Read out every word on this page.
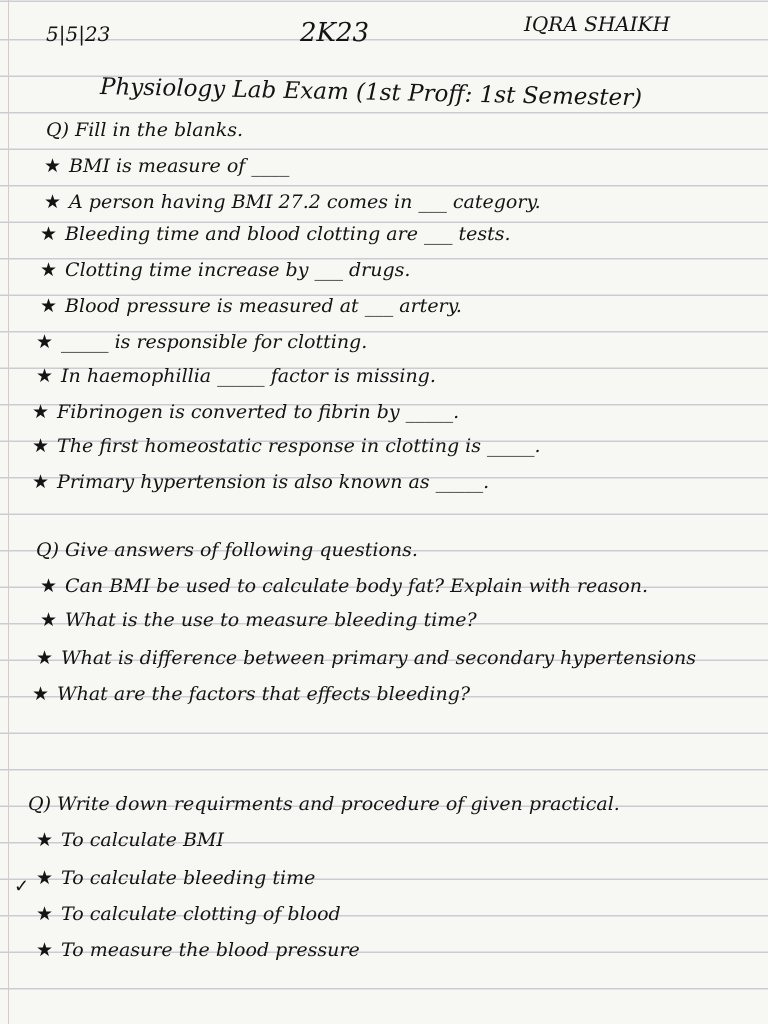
5|5|23	2K23	IQRA SHAIKH
Physiology Lab Exam (1st Proff: 1st Semester)
Q) Fill in the blanks.
★ BMI is measure of ____
★ A person having BMI 27.2 comes in ___ category.
★ Bleeding time and blood clotting are ___ tests.
★ Clotting time increase by ___ drugs.
★ Blood pressure is measured at ___ artery.
★ _____ is responsible for clotting.
★ In haemophillia _____ factor is missing.
★ Fibrinogen is converted to fibrin by _____.
★ The first homeostatic response in clotting is _____.
★ Primary hypertension is also known as _____.
Q) Give answers of following questions.
★ Can BMI be used to calculate body fat? Explain with reason.
★ What is the use to measure bleeding time?
★ What is difference between primary and secondary hypertensions
★ What are the factors that effects bleeding?
Q) Write down requirments and procedure of given practical.
★ To calculate BMI
✓ ★ To calculate bleeding time
★ To calculate clotting of blood
★ To measure the blood pressure
